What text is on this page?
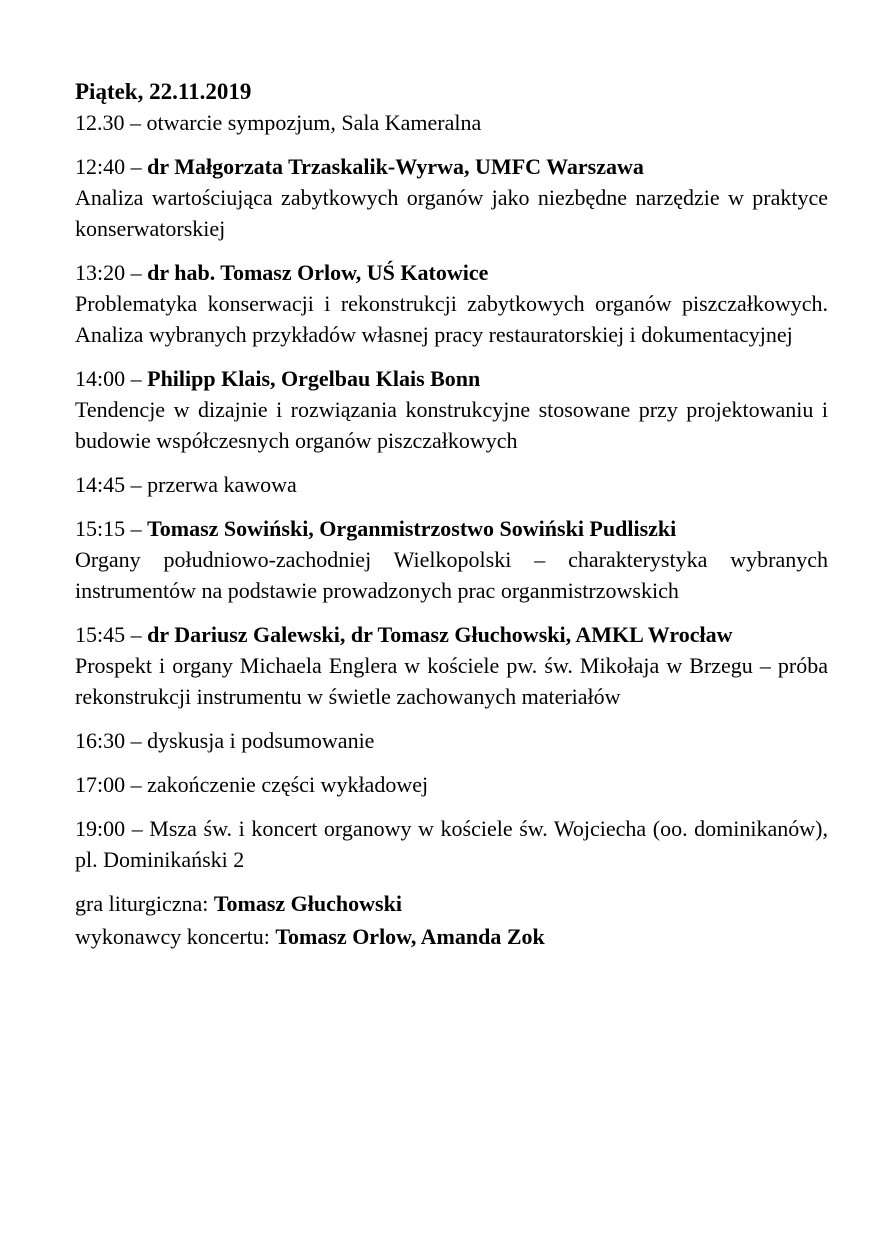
Piątek, 22.11.2019

12.30 – otwarcie sympozjum, Sala Kameralna

12:40 – dr Małgorzata Trzaskalik-Wyrwa, UMFC Warszawa
Analiza wartościująca zabytkowych organów jako niezbędne narzędzie w praktyce konserwatorskiej
13:20 – dr hab. Tomasz Orlow, UŚ Katowice
Problematyka konserwacji i rekonstrukcji zabytkowych organów piszczałkowych. Analiza wybranych przykładów własnej pracy restauratorskiej i dokumentacyjnej
14:00 – Philipp Klais, Orgelbau Klais Bonn
Tendencje w dizajnie i rozwiązania konstrukcyjne stosowane przy projektowaniu i budowie współczesnych organów piszczałkowych

14:45 – przerwa kawowa

15:15 – Tomasz Sowiński, Organmistrzostwo Sowiński Pudliszki
Organy południowo-zachodniej Wielkopolski – charakterystyka wybranych instrumentów na podstawie prowadzonych prac organmistrzowskich
15:45 – dr Dariusz Galewski, dr Tomasz Głuchowski, AMKL Wrocław
Prospekt i organy Michaela Englera w kościele pw. św. Mikołaja w Brzegu – próba rekonstrukcji instrumentu w świetle zachowanych materiałów

16:30 – dyskusja i podsumowanie

17:00 – zakończenie części wykładowej

19:00 – Msza św. i koncert organowy w kościele św. Wojciecha (oo. dominikanów), pl. Dominikański 2

gra liturgiczna: Tomasz Głuchowski

wykonawcy koncertu: Tomasz Orlow, Amanda Zok
